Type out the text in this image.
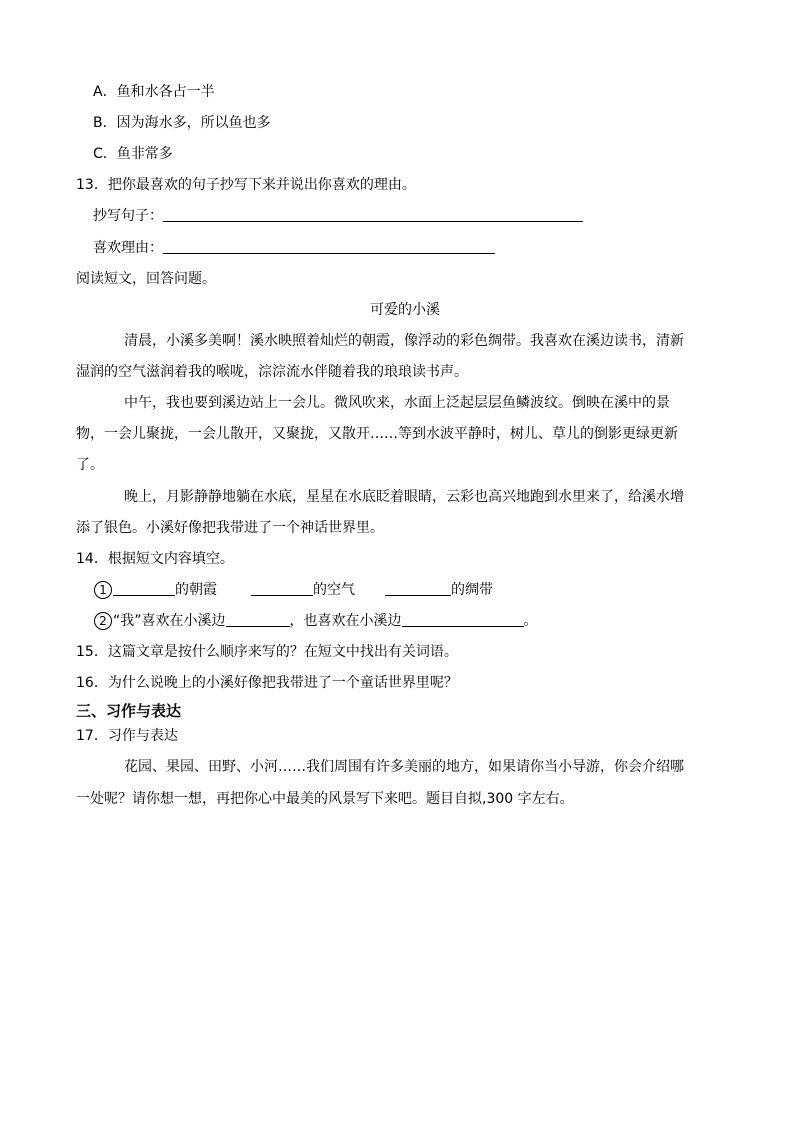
A．鱼和水各占一半
B．因为海水多，所以鱼也多
C．鱼非常多
13．把你最喜欢的句子抄写下来并说出你喜欢的理由。
抄写句子：
喜欢理由：
阅读短文，回答问题。
可爱的小溪
清晨，小溪多美啊！溪水映照着灿烂的朝霞，像浮动的彩色绸带。我喜欢在溪边读书，清新
湿润的空气滋润着我的喉咙，淙淙流水伴随着我的琅琅读书声。
中午，我也要到溪边站上一会儿。微风吹来，水面上泛起层层鱼鳞波纹。倒映在溪中的景
物，一会儿聚拢，一会儿散开，又聚拢，又散开……等到水波平静时，树儿、草儿的倒影更绿更新
了。
晚上，月影静静地躺在水底，星星在水底眨着眼睛，云彩也高兴地跑到水里来了，给溪水增
添了银色。小溪好像把我带进了一个神话世界里。
14．根据短文内容填空。
1	的朝霞	的空气	的绸带
2 “我”喜欢在小溪边	，也喜欢在小溪边	。
15．这篇文章是按什么顺序来写的？在短文中找出有关词语。
16．为什么说晚上的小溪好像把我带进了一个童话世界里呢？
三、习作与表达
17．习作与表达
花园、果园、田野、小河……我们周围有许多美丽的地方，如果请你当小导游，你会介绍哪
一处呢？请你想一想，再把你心中最美的风景写下来吧。题目自拟,300 字左右。
